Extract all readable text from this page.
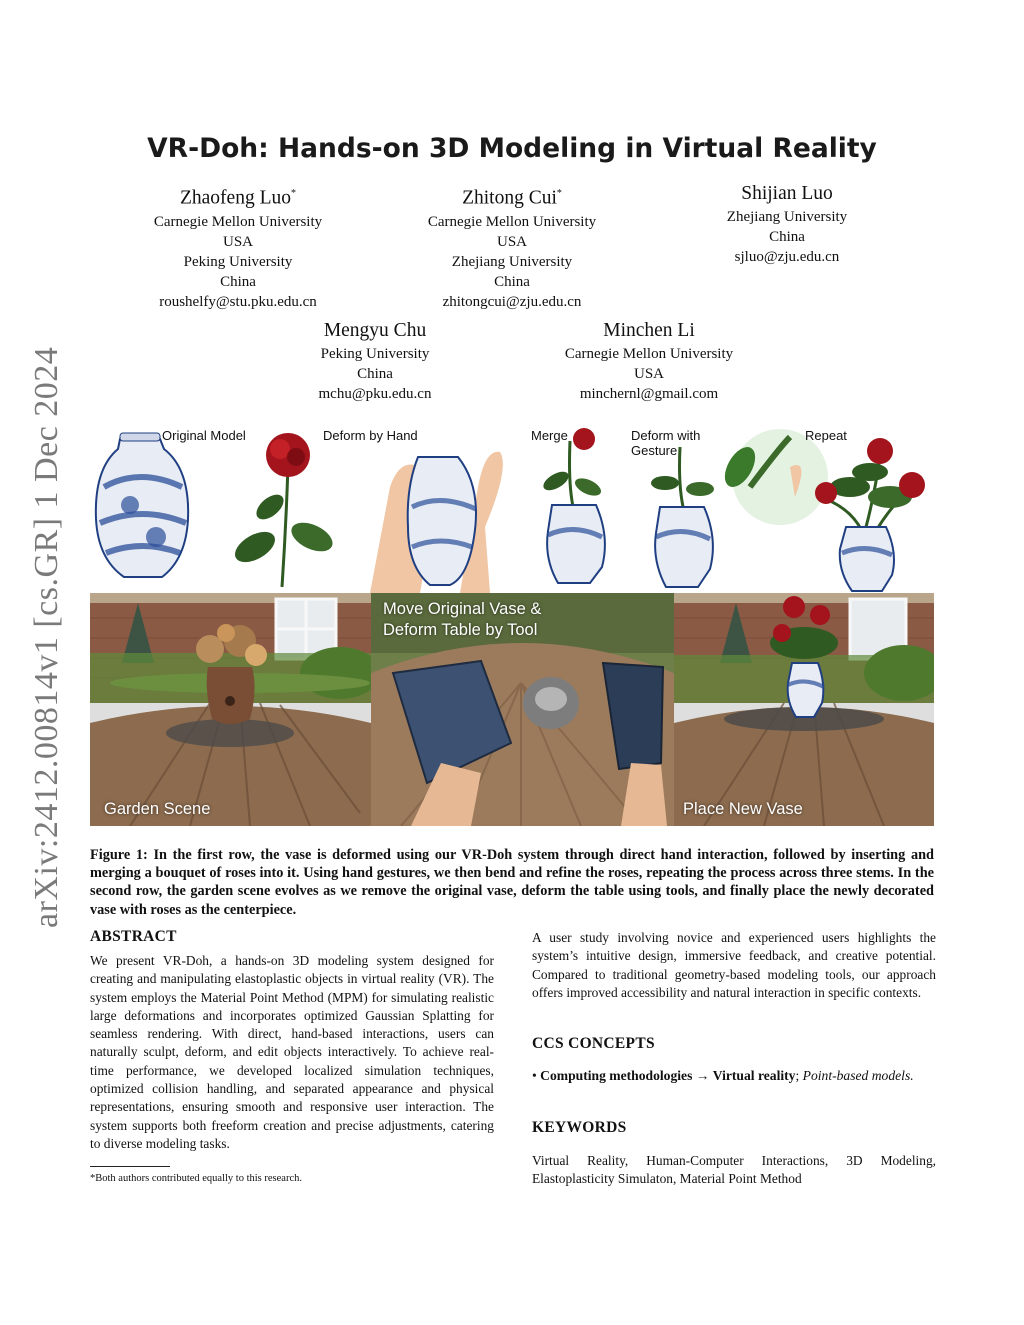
arXiv:2412.00814v1 [cs.GR] 1 Dec 2024
VR-Doh: Hands-on 3D Modeling in Virtual Reality
Zhaofeng Luo*
Carnegie Mellon University
USA
Peking University
China
roushelfy@stu.pku.edu.cn
Zhitong Cui*
Carnegie Mellon University
USA
Zhejiang University
China
zhitongcui@zju.edu.cn
Shijian Luo
Zhejiang University
China
sjluo@zju.edu.cn
Mengyu Chu
Peking University
China
mchu@pku.edu.cn
Minchen Li
Carnegie Mellon University
USA
minchernl@gmail.com
Original Model	Deform by Hand	Merge	Deform with
Gesture
Repeat
Garden Scene
Move Original Vase &
Deform Table by Tool
Place New Vase
Figure 1: In the first row, the vase is deformed using our VR-Doh system through direct hand interaction, followed by inserting and merging a bouquet of roses into it. Using hand gestures, we then bend and refine the roses, repeating the process across three stems. In the second row, the garden scene evolves as we remove the original vase, deform the table using tools, and finally place the newly decorated vase with roses as the centerpiece.
ABSTRACT
We present VR-Doh, a hands-on 3D modeling system designed for creating and manipulating elastoplastic objects in virtual reality (VR). The system employs the Material Point Method (MPM) for simulating realistic large deformations and incorporates optimized Gaussian Splatting for seamless rendering. With direct, hand-based interactions, users can naturally sculpt, deform, and edit objects interactively. To achieve real-time performance, we developed localized simulation techniques, optimized collision handling, and separated appearance and physical representations, ensuring smooth and responsive user interaction. The system supports both freeform creation and precise adjustments, catering to diverse modeling tasks.
*Both authors contributed equally to this research.
A user study involving novice and experienced users highlights the system’s intuitive design, immersive feedback, and creative potential. Compared to traditional geometry-based modeling tools, our approach offers improved accessibility and natural interaction in specific contexts.
CCS CONCEPTS
• Computing methodologies → Virtual reality; Point-based models.
KEYWORDS
Virtual Reality, Human-Computer Interactions, 3D Modeling, Elastoplasticity Simulaton, Material Point Method
